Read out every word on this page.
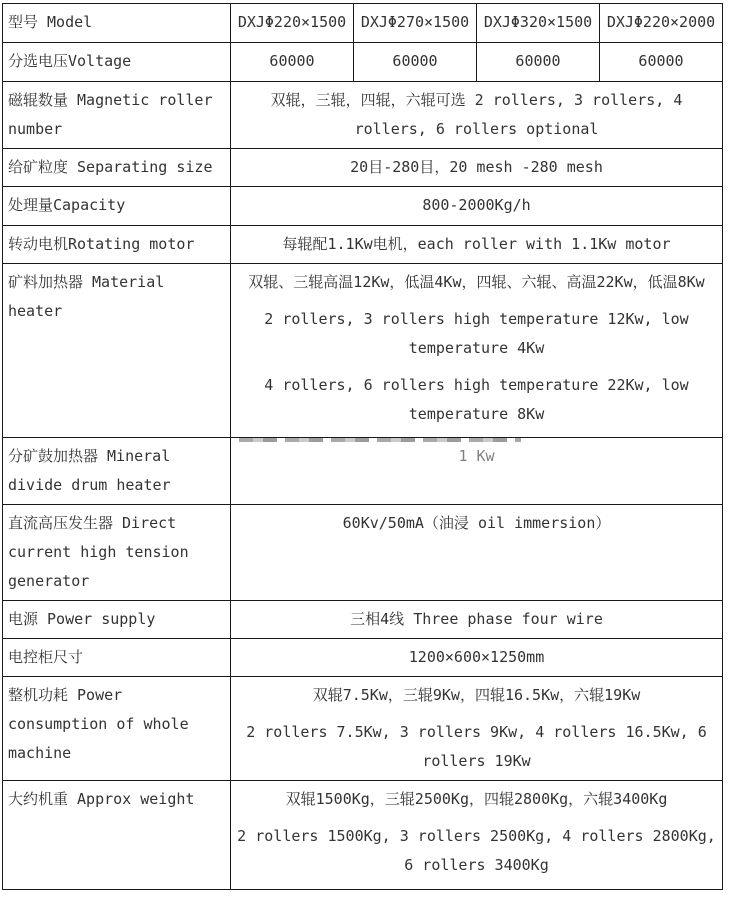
型号 Model	DXJΦ220×1500	DXJΦ270×1500	DXJΦ320×1500	DXJΦ220×2000
分选电压Voltage	60000	60000	60000	60000
磁辊数量 Magnetic roller number	双辊，三辊，四辊，六辊可选 2 rollers, 3 rollers, 4 rollers, 6 rollers optional			

给矿粒度 Separating size	20目-280目，20 mesh -280 mesh			

处理量Capacity	800-2000Kg/h			

转动电机Rotating motor	每辊配1.1Kw电机，each roller with 1.1Kw motor			

矿料加热器 Material heater	双辊、三辊高温12Kw，低温4Kw，四辊、六辊、高温22Kw，低温8Kw

2 rollers, 3 rollers high temperature 12Kw, low temperature 4Kw

4 rollers, 6 rollers high temperature 22Kw, low temperature 8Kw			

分矿鼓加热器 Mineral divide drum heater	1 Kw			

直流高压发生器 Direct current high tension generator	60Kv/50mA（油浸 oil immersion）			

电源 Power supply	三相4线 Three phase four wire			

电控柜尺寸	1200×600×1250mm			

整机功耗 Power consumption of whole machine	双辊7.5Kw，三辊9Kw，四辊16.5Kw，六辊19Kw

2 rollers 7.5Kw, 3 rollers 9Kw, 4 rollers 16.5Kw, 6 rollers 19Kw			

大约机重 Approx weight	双辊1500Kg，三辊2500Kg，四辊2800Kg，六辊3400Kg

2 rollers 1500Kg, 3 rollers 2500Kg, 4 rollers 2800Kg, 6 rollers 3400Kg			
